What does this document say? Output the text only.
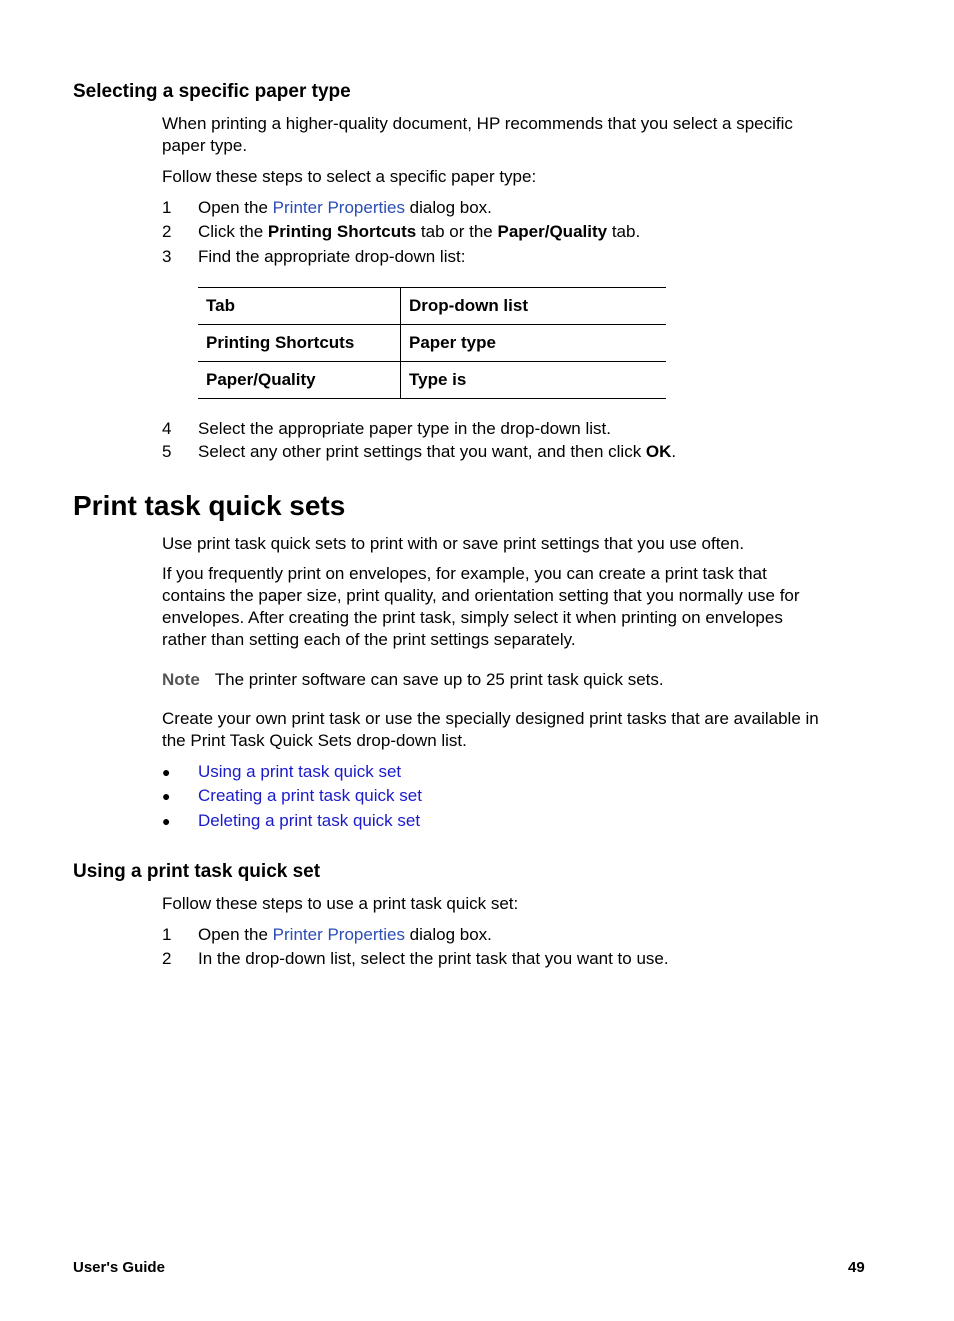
Selecting a specific paper type
When printing a higher-quality document, HP recommends that you select a specific
paper type.
Follow these steps to select a specific paper type:
1 Open the Printer Properties dialog box.
2 Click the Printing Shortcuts tab or the Paper/Quality tab.
3 Find the appropriate drop-down list:
Tab	Drop-down list
Printing Shortcuts	Paper type
Paper/Quality	Type is
4 Select the appropriate paper type in the drop-down list.
5 Select any other print settings that you want, and then click OK.
Print task quick sets
Use print task quick sets to print with or save print settings that you use often.
If you frequently print on envelopes, for example, you can create a print task that
contains the paper size, print quality, and orientation setting that you normally use for
envelopes. After creating the print task, simply select it when printing on envelopes
rather than setting each of the print settings separately.
Note The printer software can save up to 25 print task quick sets.
Create your own print task or use the specially designed print tasks that are available in
the Print Task Quick Sets drop-down list.
● Using a print task quick set
● Creating a print task quick set
● Deleting a print task quick set
Using a print task quick set
Follow these steps to use a print task quick set:
1 Open the Printer Properties dialog box.
2 In the drop-down list, select the print task that you want to use.
User's Guide	49
